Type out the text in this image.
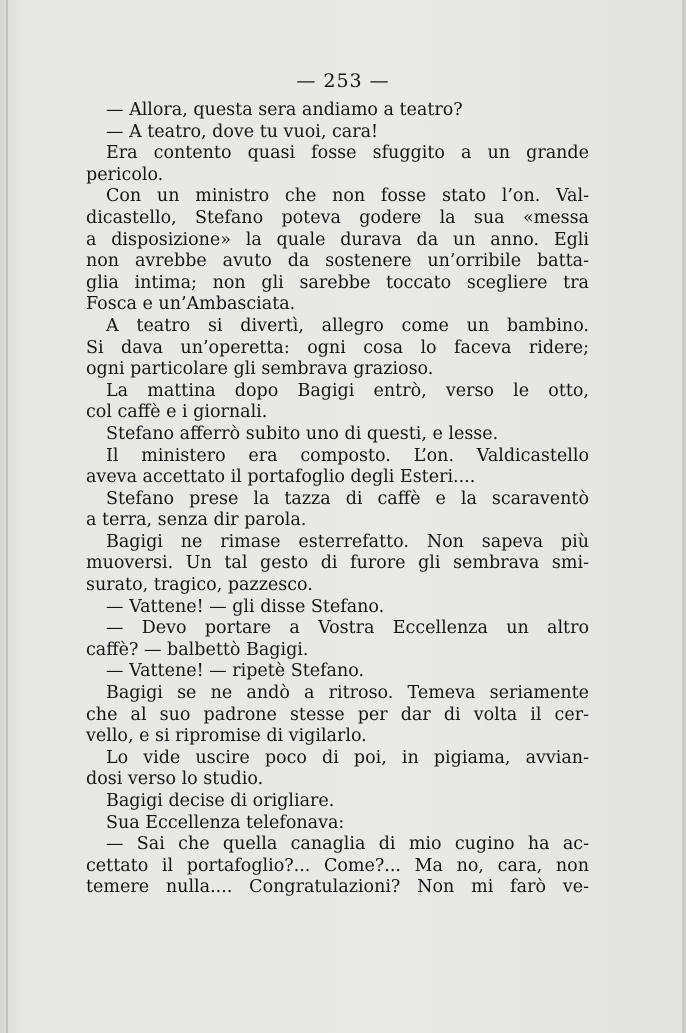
— 253 —
— Allora, questa sera andiamo a teatro?
— A teatro, dove tu vuoi, cara!
Era contento quasi fosse sfuggito a un grande
pericolo.
Con un ministro che non fosse stato l’on. Val-
dicastello, Stefano poteva godere la sua «messa
a disposizione» la quale durava da un anno. Egli
non avrebbe avuto da sostenere un’orribile batta-
glia intima; non gli sarebbe toccato scegliere tra
Fosca e un’Ambasciata.
A teatro si divertì, allegro come un bambino.
Si dava un’operetta: ogni cosa lo faceva ridere;
ogni particolare gli sembrava grazioso.
La mattina dopo Bagigi entrò, verso le otto,
col caffè e i giornali.
Stefano afferrò subito uno di questi, e lesse.
Il ministero era composto. L’on. Valdicastello
aveva accettato il portafoglio degli Esteri....
Stefano prese la tazza di caffè e la scaraventò
a terra, senza dir parola.
Bagigi ne rimase esterrefatto. Non sapeva più
muoversi. Un tal gesto di furore gli sembrava smi-
surato, tragico, pazzesco.
— Vattene! — gli disse Stefano.
— Devo portare a Vostra Eccellenza un altro
caffè? — balbettò Bagigi.
— Vattene! — ripetè Stefano.
Bagigi se ne andò a ritroso. Temeva seriamente
che al suo padrone stesse per dar di volta il cer-
vello, e si ripromise di vigilarlo.
Lo vide uscire poco di poi, in pigiama, avvian-
dosi verso lo studio.
Bagigi decise di origliare.
Sua Eccellenza telefonava:
— Sai che quella canaglia di mio cugino ha ac-
cettato il portafoglio?... Come?... Ma no, cara, non
temere nulla.... Congratulazioni? Non mi farò ve-
